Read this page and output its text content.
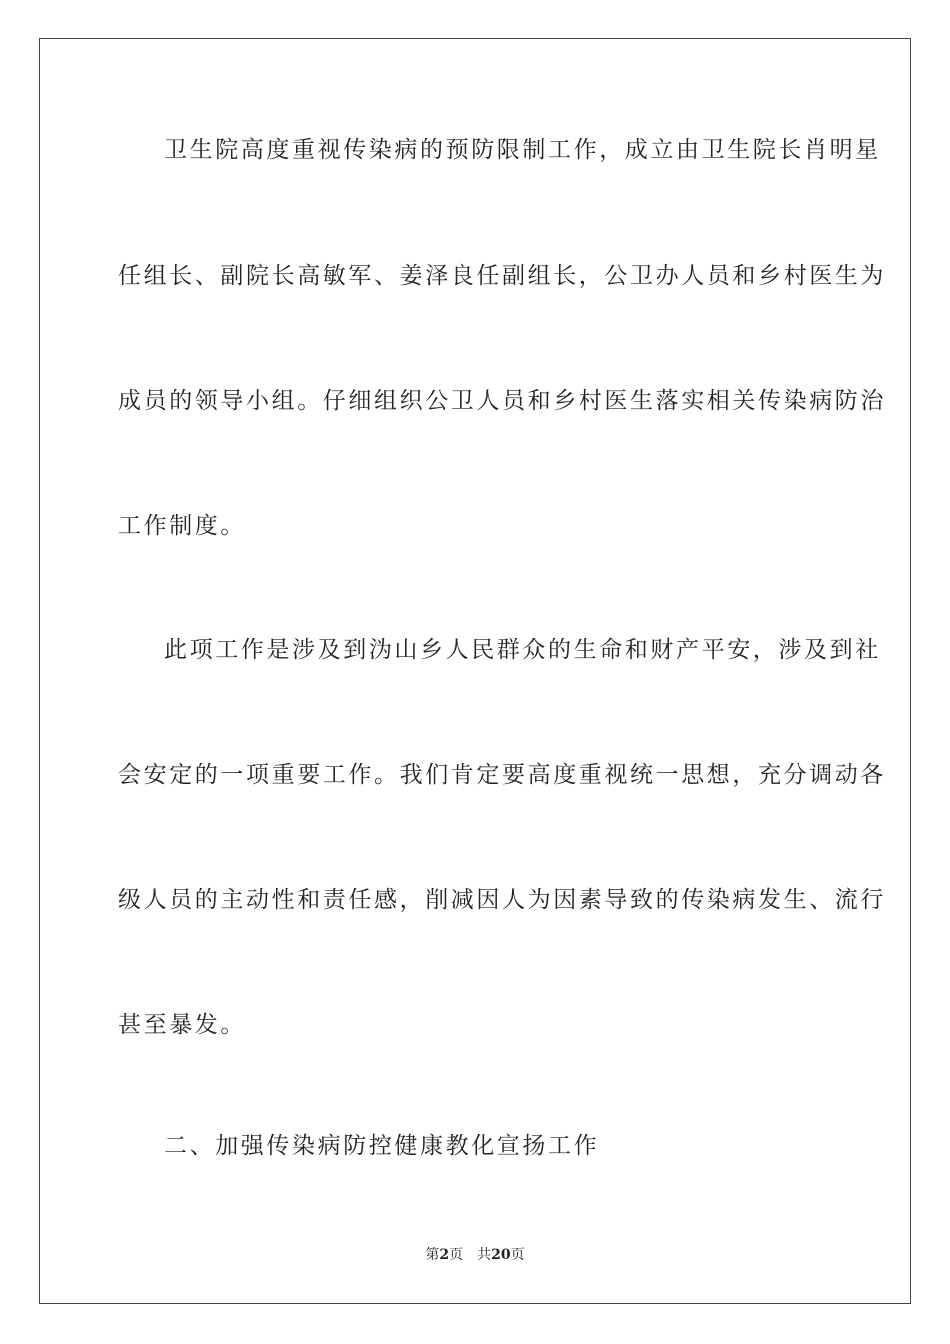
卫生院高度重视传染病的预防限制工作，成立由卫生院长肖明星
任组长、副院长高敏军、姜泽良任副组长，公卫办人员和乡村医生为
成员的领导小组。仔细组织公卫人员和乡村医生落实相关传染病防治
工作制度。
此项工作是涉及到沩山乡人民群众的生命和财产平安，涉及到社
会安定的一项重要工作。我们肯定要高度重视统一思想，充分调动各
级人员的主动性和责任感，削减因人为因素导致的传染病发生、流行
甚至暴发。
二、加强传染病防控健康教化宣扬工作
第2页 共20页
